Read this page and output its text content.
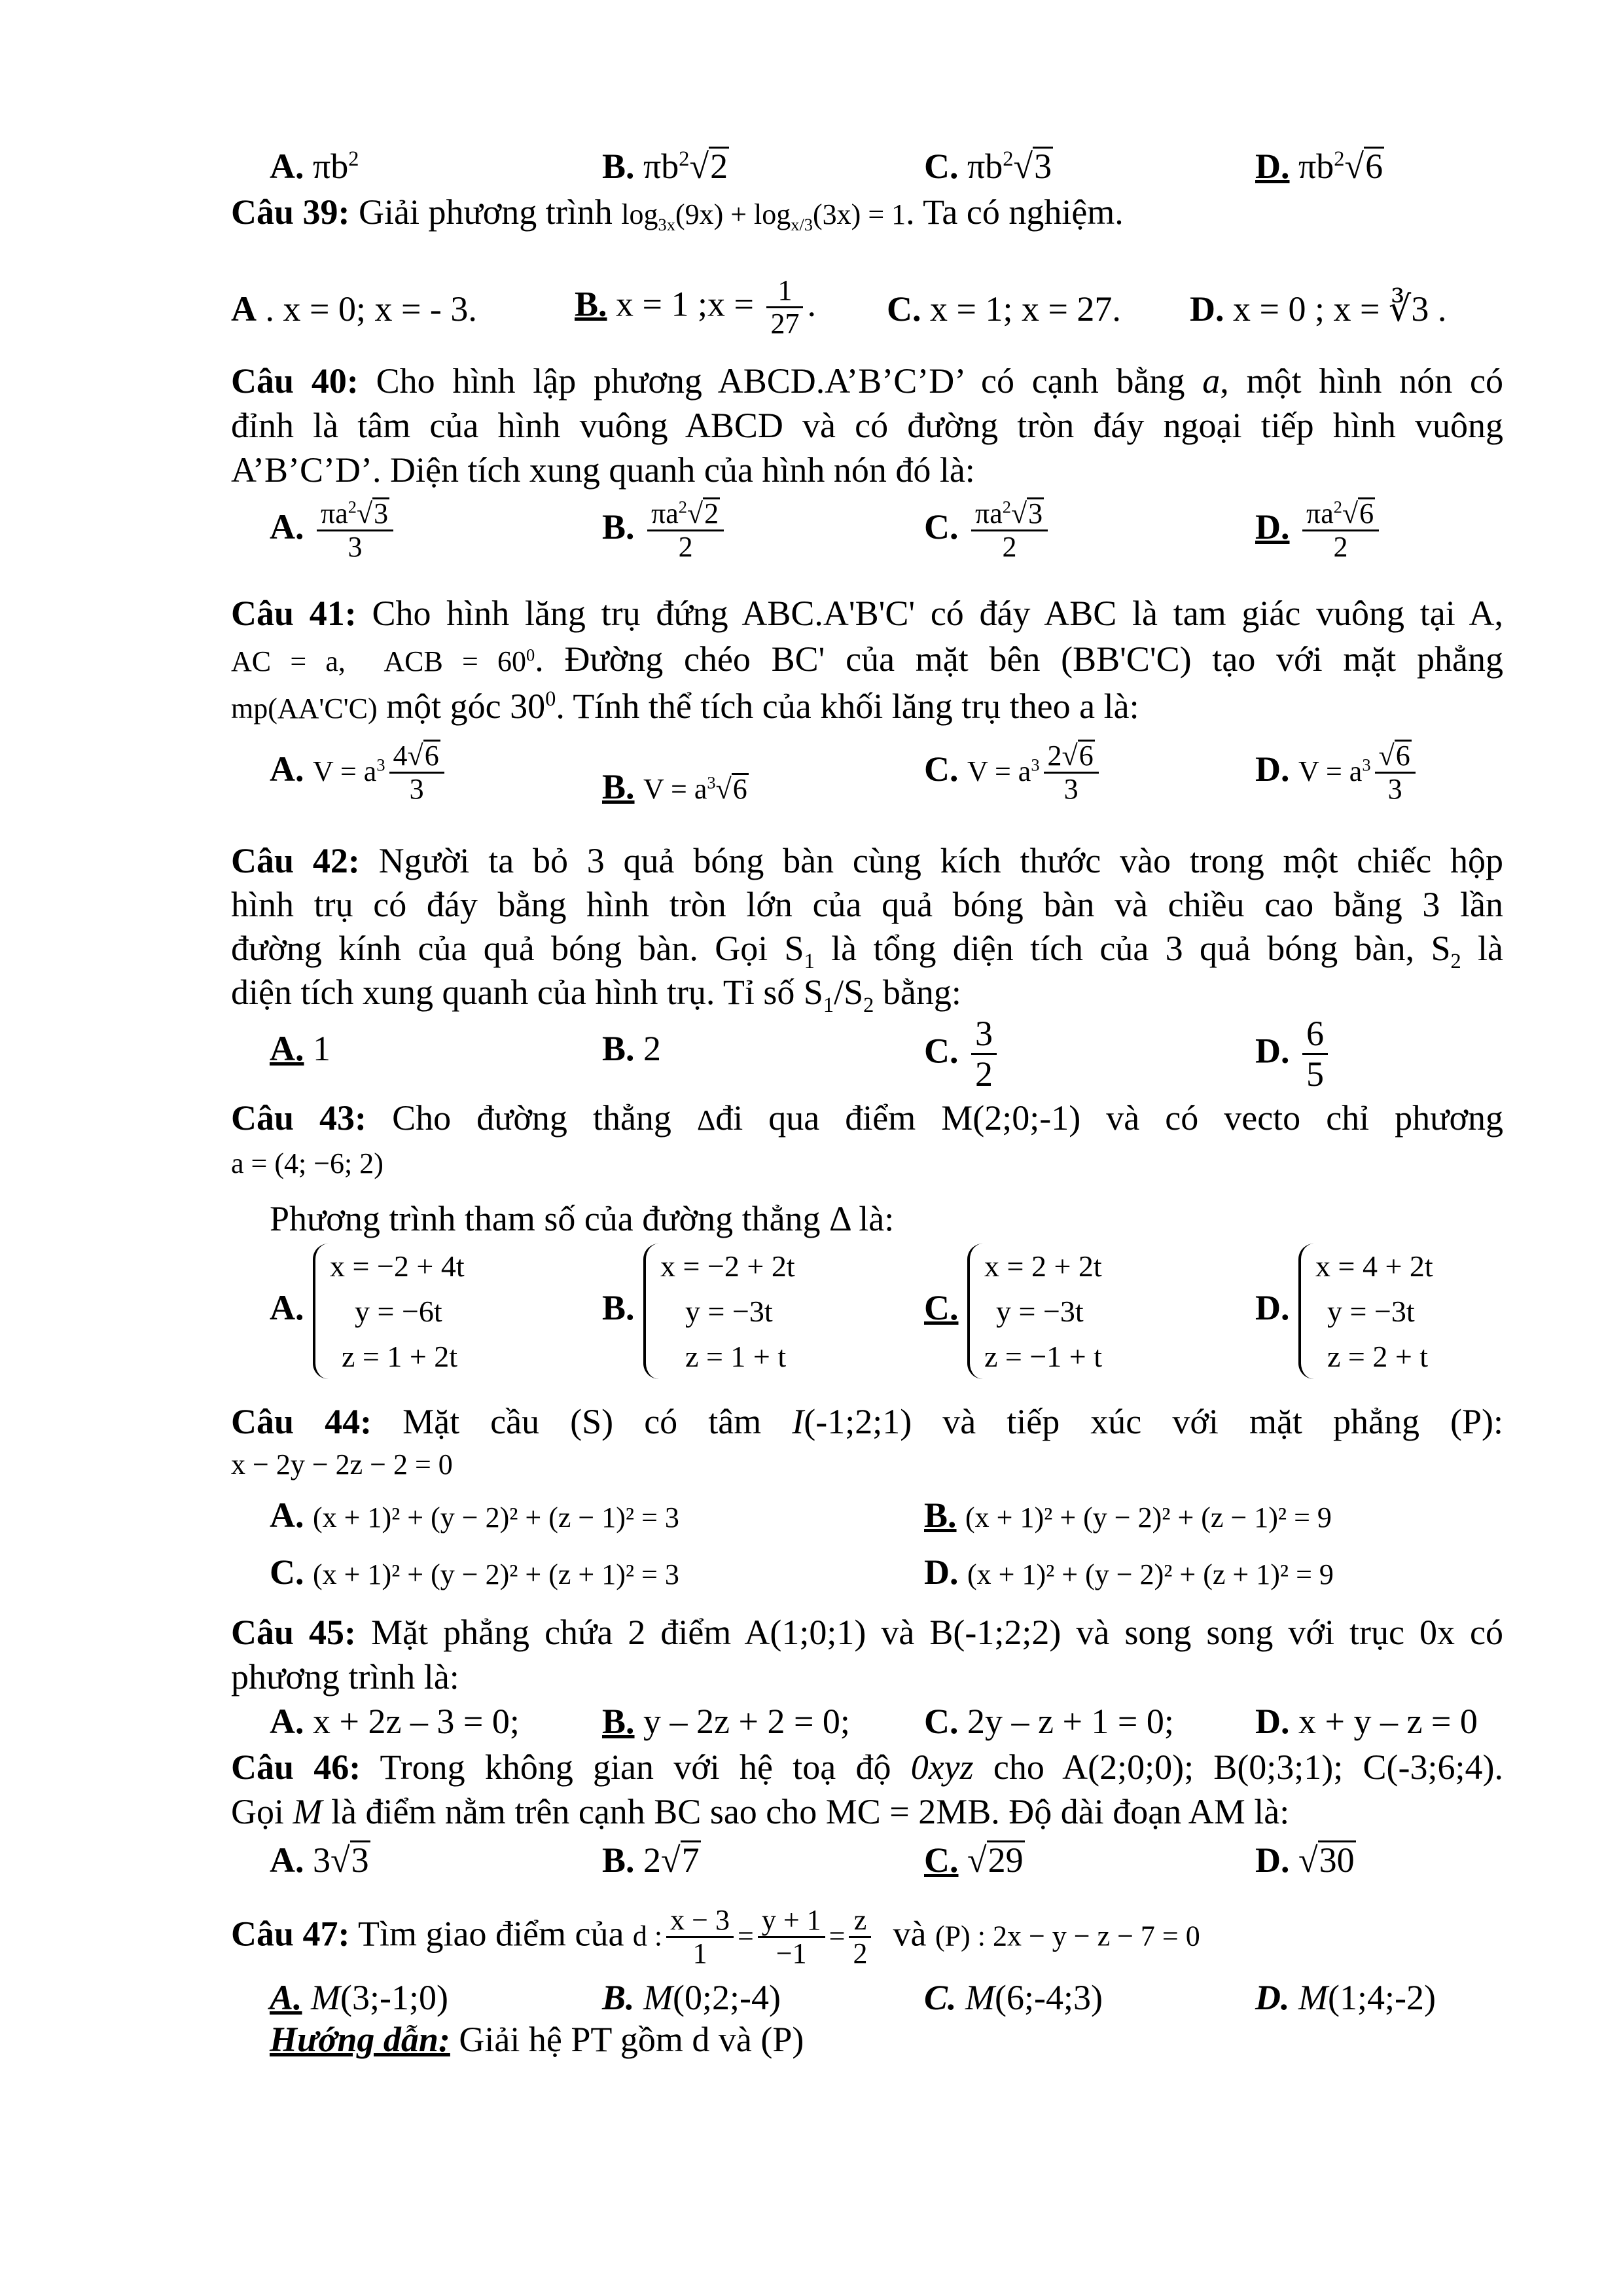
A. $\pi b^2$	B. $\pi b^2√2$	C. $\pi b^2√3$	D. $\pi b^2√6$
Câu 39: Giải phương trình $\log_{3x}(9x) + \log_{x/3}(3x) = 1$. Ta có nghiệm.
A . x = 0; x = - 3.	B. x = 1 ;x = $\frac{1}{27}$ . C. x = 1; x = 27. D. x = 0 ; x = ∛3 .
Câu 40: Cho hình lập phương ABCD.A’B’C’D’ có cạnh bằng a, một hình nón có
đỉnh là tâm của hình vuông ABCD và có đường tròn đáy ngoại tiếp hình vuông
A’B’C’D’. Diện tích xung quanh của hình nón đó là:
A. $\frac{\pi a^2√3}{3}$	B. $\frac{\pi a^2√2}{2}$	C. $\frac{\pi a^2√3}{2}$	D. $\frac{\pi a^2√6}{2}$
Câu 41: Cho hình lăng trụ đứng ABC.A'B'C' có đáy ABC là tam giác vuông tại A,
AC = a,  ACB = $60^0$. Đường chéo BC' của mặt bên (BB'C'C) tạo với mặt phẳng
mp(AA'C'C) một góc $30^0$. Tính thể tích của khối lăng trụ theo a là:
A. $V = a^3 \frac{4√6}{3}$	B. $V = a^3√6$
C. $V = a^3 \frac{2√6}{3}$	D. $V = a^3 \frac{√6}{3}$
Câu 42: Người ta bỏ 3 quả bóng bàn cùng kích thước vào trong một chiếc hộp
hình trụ có đáy bằng hình tròn lớn của quả bóng bàn và chiều cao bằng 3 lần
đường kính của quả bóng bàn. Gọi $S_1$ là tổng diện tích của 3 quả bóng bàn, $S_2$ là
diện tích xung quanh của hình trụ. Tỉ số $S_1/S_2$ bằng:
A. 1	B. 2	C. $\frac{3}{2}$	D. $\frac{6}{5}$
Câu 43: Cho đường thẳng Δđi qua điểm M(2;0;-1) và có vecto chỉ phương
a = (4; −6; 2)
Phương trình tham số của đường thẳng Δ là:
A.
x = −2 + 4t
y = −6t
z = 1 + 2t
B.
x = −2 + 2t
y = −3t
z = 1 + t
C.
x = 2 + 2t
y = −3t
z = −1 + t
D.
x = 4 + 2t
y = −3t
z = 2 + t
Câu 44: Mặt cầu (S) có tâm I(-1;2;1) và tiếp xúc với mặt phẳng (P):
x − 2y − 2z − 2 = 0
A. (x + 1)² + (y − 2)² + (z − 1)² = 3	B. (x + 1)² + (y − 2)² + (z − 1)² = 9
C. (x + 1)² + (y − 2)² + (z + 1)² = 3	D. (x + 1)² + (y − 2)² + (z + 1)² = 9
Câu 45: Mặt phẳng chứa 2 điểm A(1;0;1) và B(-1;2;2) và song song với trục 0x có
phương trình là:
A. x + 2z – 3 = 0; B. y – 2z + 2 = 0; C. 2y – z + 1 = 0; D. x + y – z = 0
Câu 46: Trong không gian với hệ toạ độ 0xyz cho A(2;0;0); B(0;3;1); C(-3;6;4).
Gọi M là điểm nằm trên cạnh BC sao cho MC = 2MB. Độ dài đoạn AM là:
A. 3√3	B. 2√7	C. √29	D. √30
Câu 47: Tìm giao điểm của d : $\frac{x - 3}{1} = \frac{y + 1}{-1} = \frac{z}{2}$ và (P) : 2x − y − z − 7 = 0
A. M(3;-1;0)	B. M(0;2;-4)	C. M(6;-4;3)	D. M(1;4;-2)
Hướng dẫn: Giải hệ PT gồm d và (P)
